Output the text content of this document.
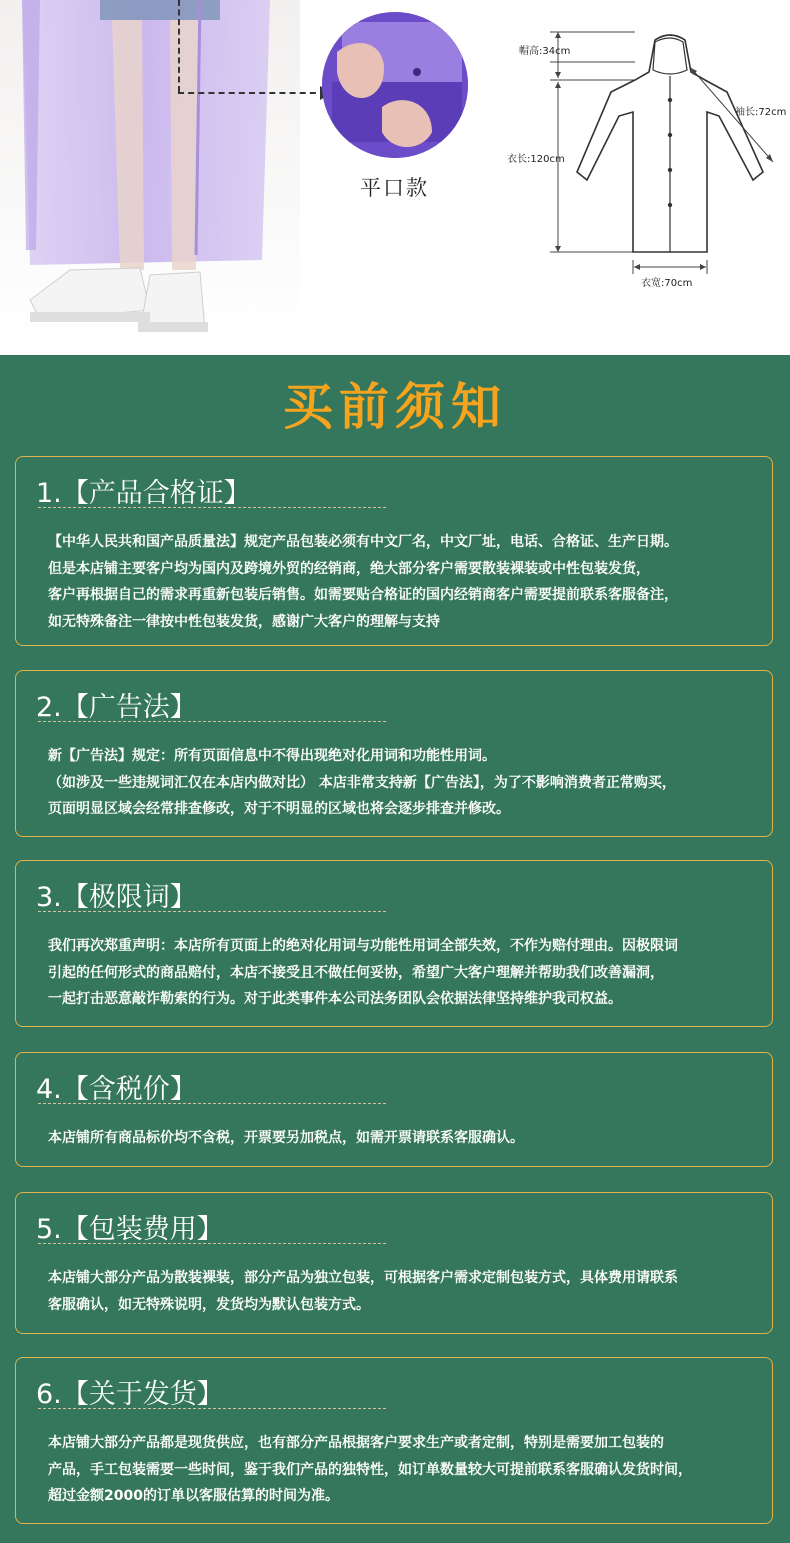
平口款
帽高:34cm
袖长:72cm
衣长:120cm
衣宽:70cm
买前须知
1.【产品合格证】
【中华人民共和国产品质量法】规定产品包装必须有中文厂名，中文厂址，电话、合格证、生产日期。
但是本店铺主要客户均为国内及跨境外贸的经销商，绝大部分客户需要散装裸装或中性包装发货，
客户再根据自己的需求再重新包装后销售。如需要贴合格证的国内经销商客户需要提前联系客服备注，
如无特殊备注一律按中性包装发货，感谢广大客户的理解与支持
2.【广告法】
新【广告法】规定：所有页面信息中不得出现绝对化用词和功能性用词。
（如涉及一些违规词汇仅在本店内做对比） 本店非常支持新【广告法】，为了不影响消费者正常购买，
页面明显区域会经常排查修改，对于不明显的区域也将会逐步排查并修改。
3.【极限词】
我们再次郑重声明：本店所有页面上的绝对化用词与功能性用词全部失效，不作为赔付理由。因极限词
引起的任何形式的商品赔付，本店不接受且不做任何妥协，希望广大客户理解并帮助我们改善漏洞，
一起打击恶意敲诈勒索的行为。对于此类事件本公司法务团队会依据法律坚持维护我司权益。
4.【含税价】
本店铺所有商品标价均不含税，开票要另加税点，如需开票请联系客服确认。
5.【包装费用】
本店铺大部分产品为散装裸装，部分产品为独立包装，可根据客户需求定制包装方式，具体费用请联系
客服确认，如无特殊说明，发货均为默认包装方式。
6.【关于发货】
本店铺大部分产品都是现货供应，也有部分产品根据客户要求生产或者定制，特别是需要加工包装的
产品，手工包装需要一些时间，鉴于我们产品的独特性，如订单数量较大可提前联系客服确认发货时间，
超过金额2000的订单以客服估算的时间为准。
